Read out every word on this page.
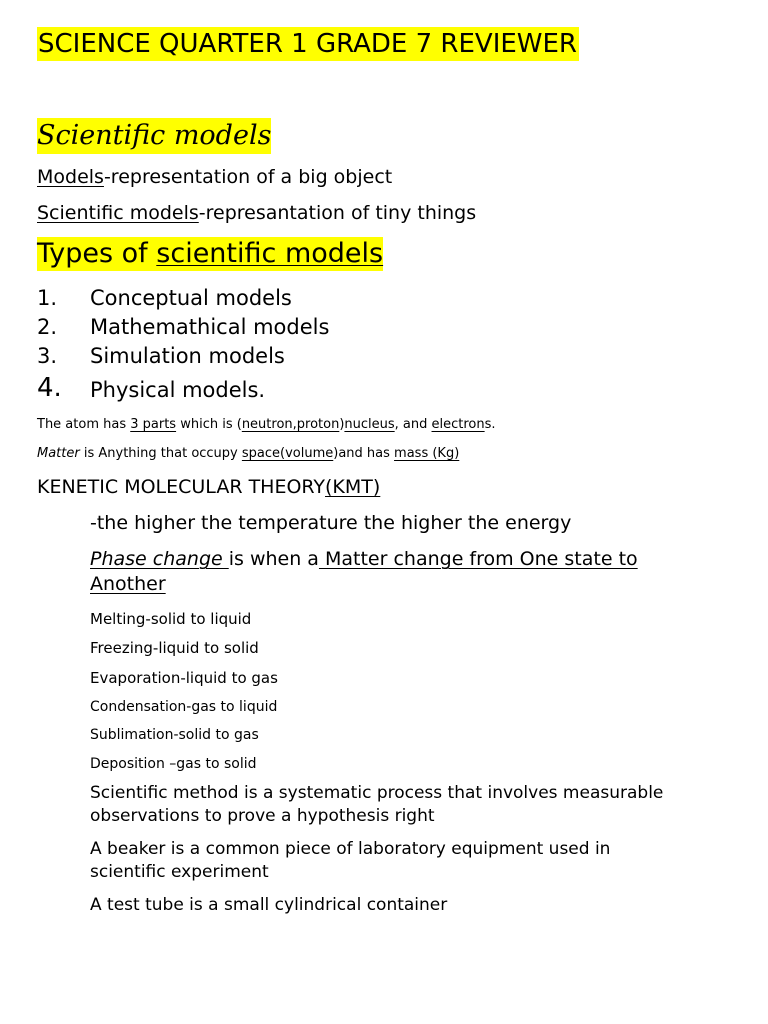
SCIENCE QUARTER 1 GRADE 7 REVIEWER
Scientific models
Models-representation of a big object
Scientific models-represantation of tiny things
Types of scientific models
1. Conceptual models
2. Mathemathical models
3. Simulation models
4. Physical models.
The atom has 3 parts which is (neutron,proton)nucleus, and electrons.
Matter is Anything that occupy space(volume)and has mass (Kg)
KENETIC MOLECULAR THEORY(KMT)
-the higher the temperature the higher the energy
Phase change is when a Matter change from One state to Another
Melting-solid to liquid
Freezing-liquid to solid
Evaporation-liquid to gas
Condensation-gas to liquid
Sublimation-solid to gas
Deposition –gas to solid
Scientific method is a systematic process that involves measurable observations to prove a hypothesis right
A beaker is a common piece of laboratory equipment used in scientific experiment
A test tube is a small cylindrical container
